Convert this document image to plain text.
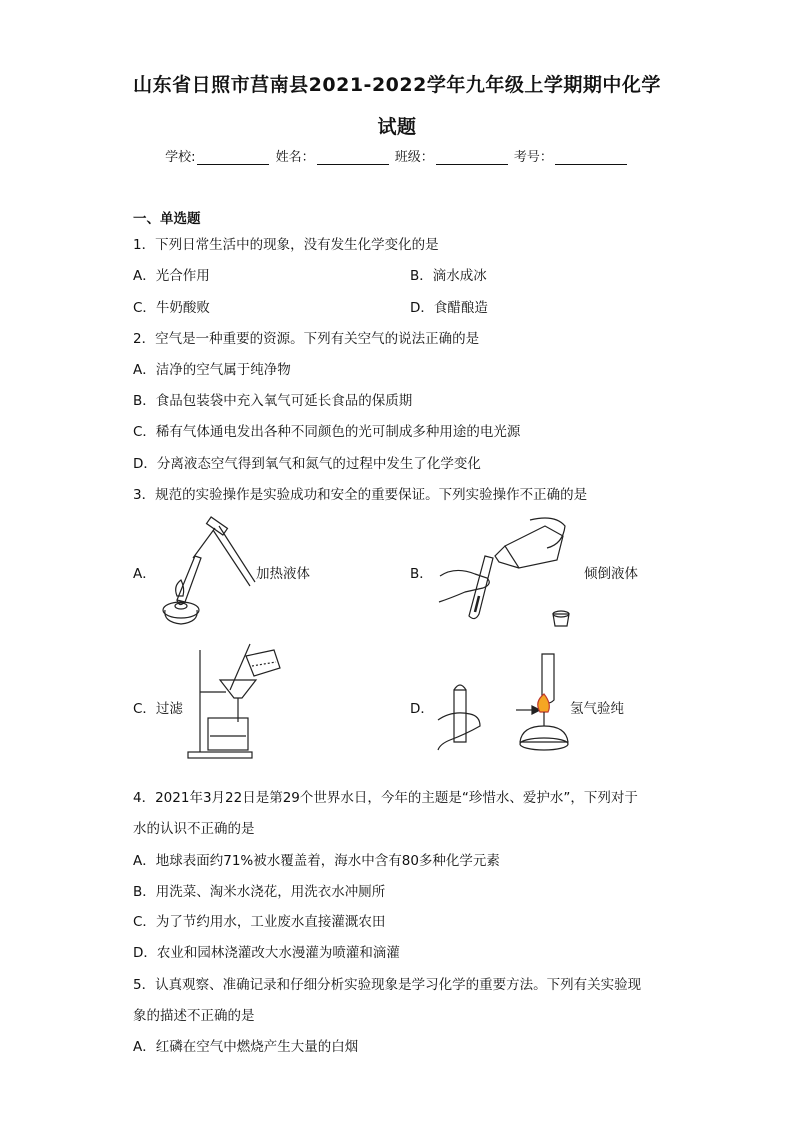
山东省日照市莒南县2021-2022学年九年级上学期期中化学
试题
学校:	姓名：	班级：	考号：
一、单选题
1．下列日常生活中的现象，没有发生化学变化的是
A．光合作用	B．滴水成冰
C．牛奶酸败	D．食醋酿造
2．空气是一种重要的资源。下列有关空气的说法正确的是
A．洁净的空气属于纯净物
B．食品包装袋中充入氧气可延长食品的保质期
C．稀有气体通电发出各种不同颜色的光可制成多种用途的电光源
D．分离液态空气得到氧气和氮气的过程中发生了化学变化
3．规范的实验操作是实验成功和安全的重要保证。下列实验操作不正确的是
A．	加热液体	B．	倾倒液体
C．过滤	D．	氢气验纯
4．2021年3月22日是第29个世界水日，今年的主题是“珍惜水、爱护水”，下列对于
水的认识不正确的是
A．地球表面约71%被水覆盖着，海水中含有80多种化学元素
B．用洗菜、淘米水浇花，用洗衣水冲厕所
C．为了节约用水，工业废水直接灌溉农田
D．农业和园林浇灌改大水漫灌为喷灌和滴灌
5．认真观察、准确记录和仔细分析实验现象是学习化学的重要方法。下列有关实验现
象的描述不正确的是
A．红磷在空气中燃烧产生大量的白烟
